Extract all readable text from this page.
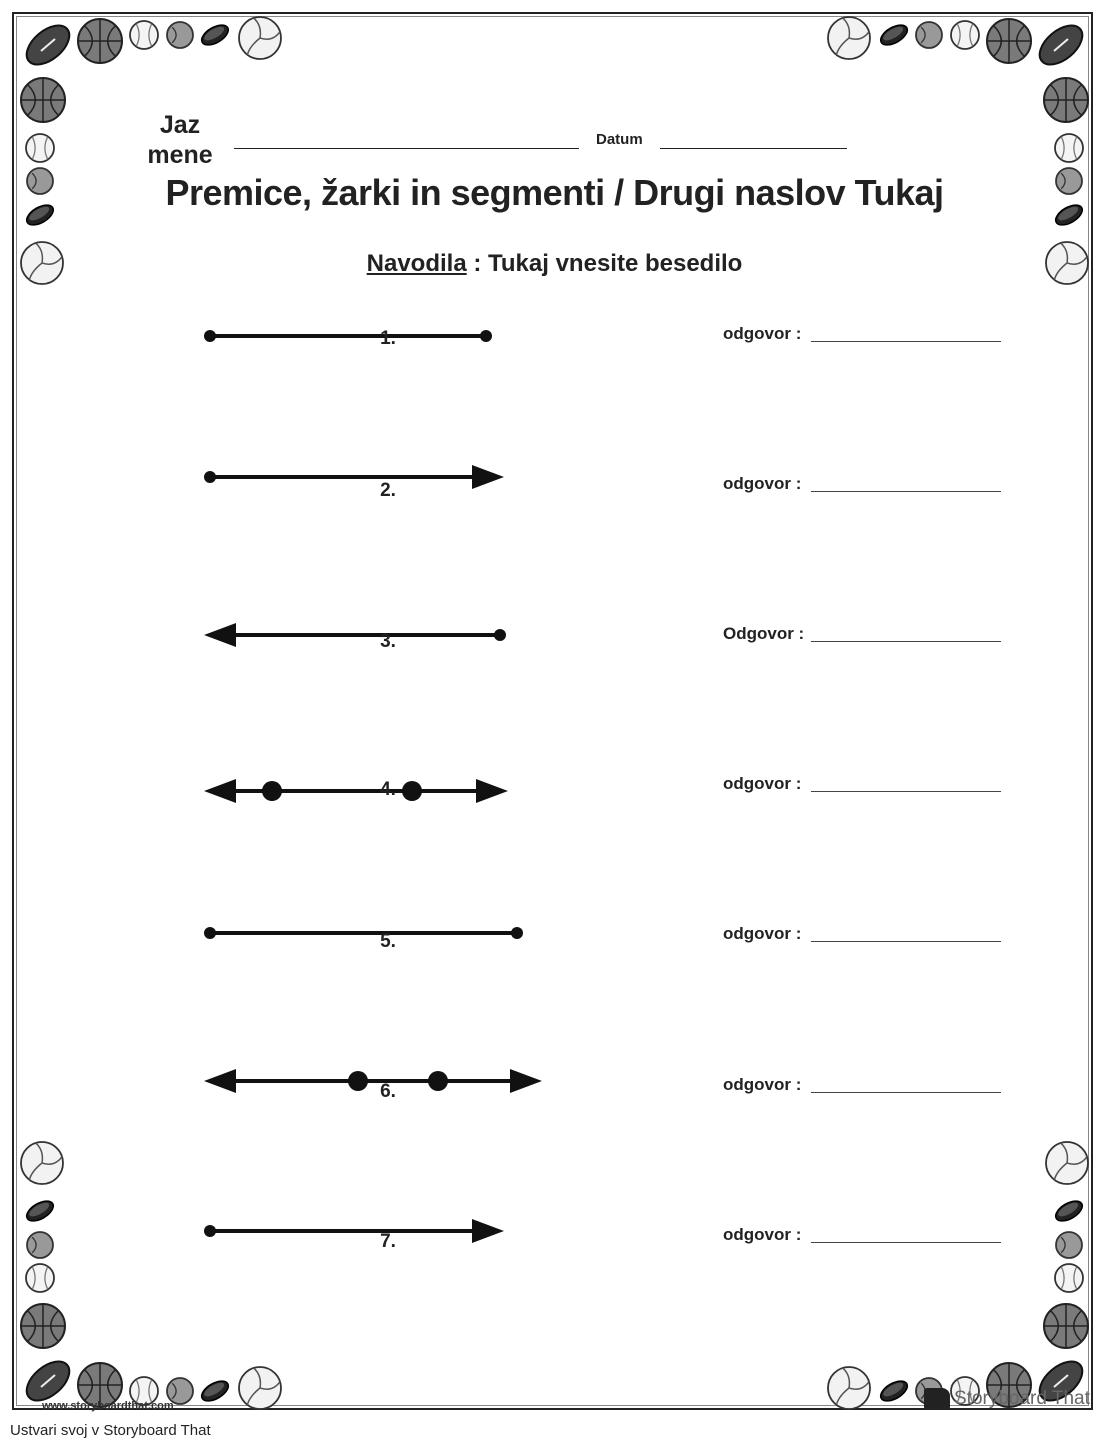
Jaz mene
Datum
Premice, žarki in segmenti / Drugi naslov Tukaj
Navodila : Tukaj vnesite besedilo
1.	odgovor :
2.	odgovor :
3.	Odgovor :
4.	odgovor :
5.	odgovor :
6.	odgovor :
7.	odgovor :
www.storyboardthat.com	Storyboard That
Ustvari svoj v Storyboard That
